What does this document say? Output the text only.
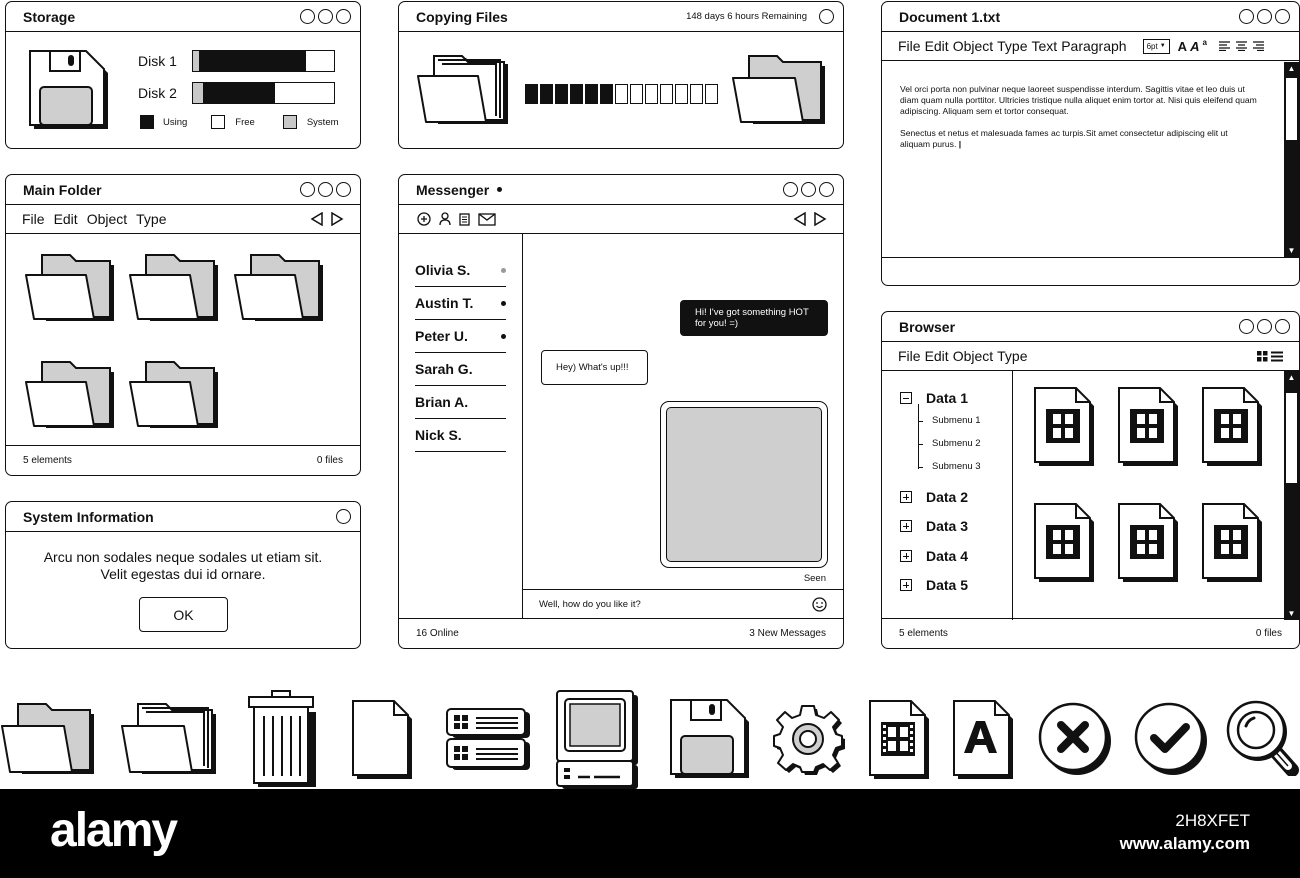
Storage
Disk 1
Disk 2
Using	Free	System
Copying Files	148 days 6 hours Remaining	Document 1.txt
File Edit Object Type Text Paragraph	6pt ▼ A A a

Vel orci porta non pulvinar neque laoreet suspendisse interdum. Sagittis vitae et leo duis ut diam quam nulla porttitor. Ultricies tristique nulla aliquet enim tortor at. Nisi quis eleifend quam adipiscing. Aliquam sem et tortor consequat.

Senectus et netus et malesuada fames ac turpis.Sit amet consectetur adipiscing elit ut aliquam purus. |

▲
▼
Main Folder
File Edit Object Type
5 elements	0 files
Messenger
Olivia S.
Austin T.
Peter U.
Sarah G.
Brian A.
Nick S.
Hi! I've got something HOT for you! =)
Hey) What's up!!!
Seen
Well, how do you like it?
16 Online	3 New Messages
System Information
Arcu non sodales neque sodales ut etiam sit.
Velit egestas dui id ornare.
OK
Browser
File Edit Object Type
Data 1
Submenu 1
Submenu 2
Submenu 3
Data 2
Data 3
Data 4
Data 5
▲
▼
5 elements	0 files
alamy	2H8XFET
www.alamy.com
